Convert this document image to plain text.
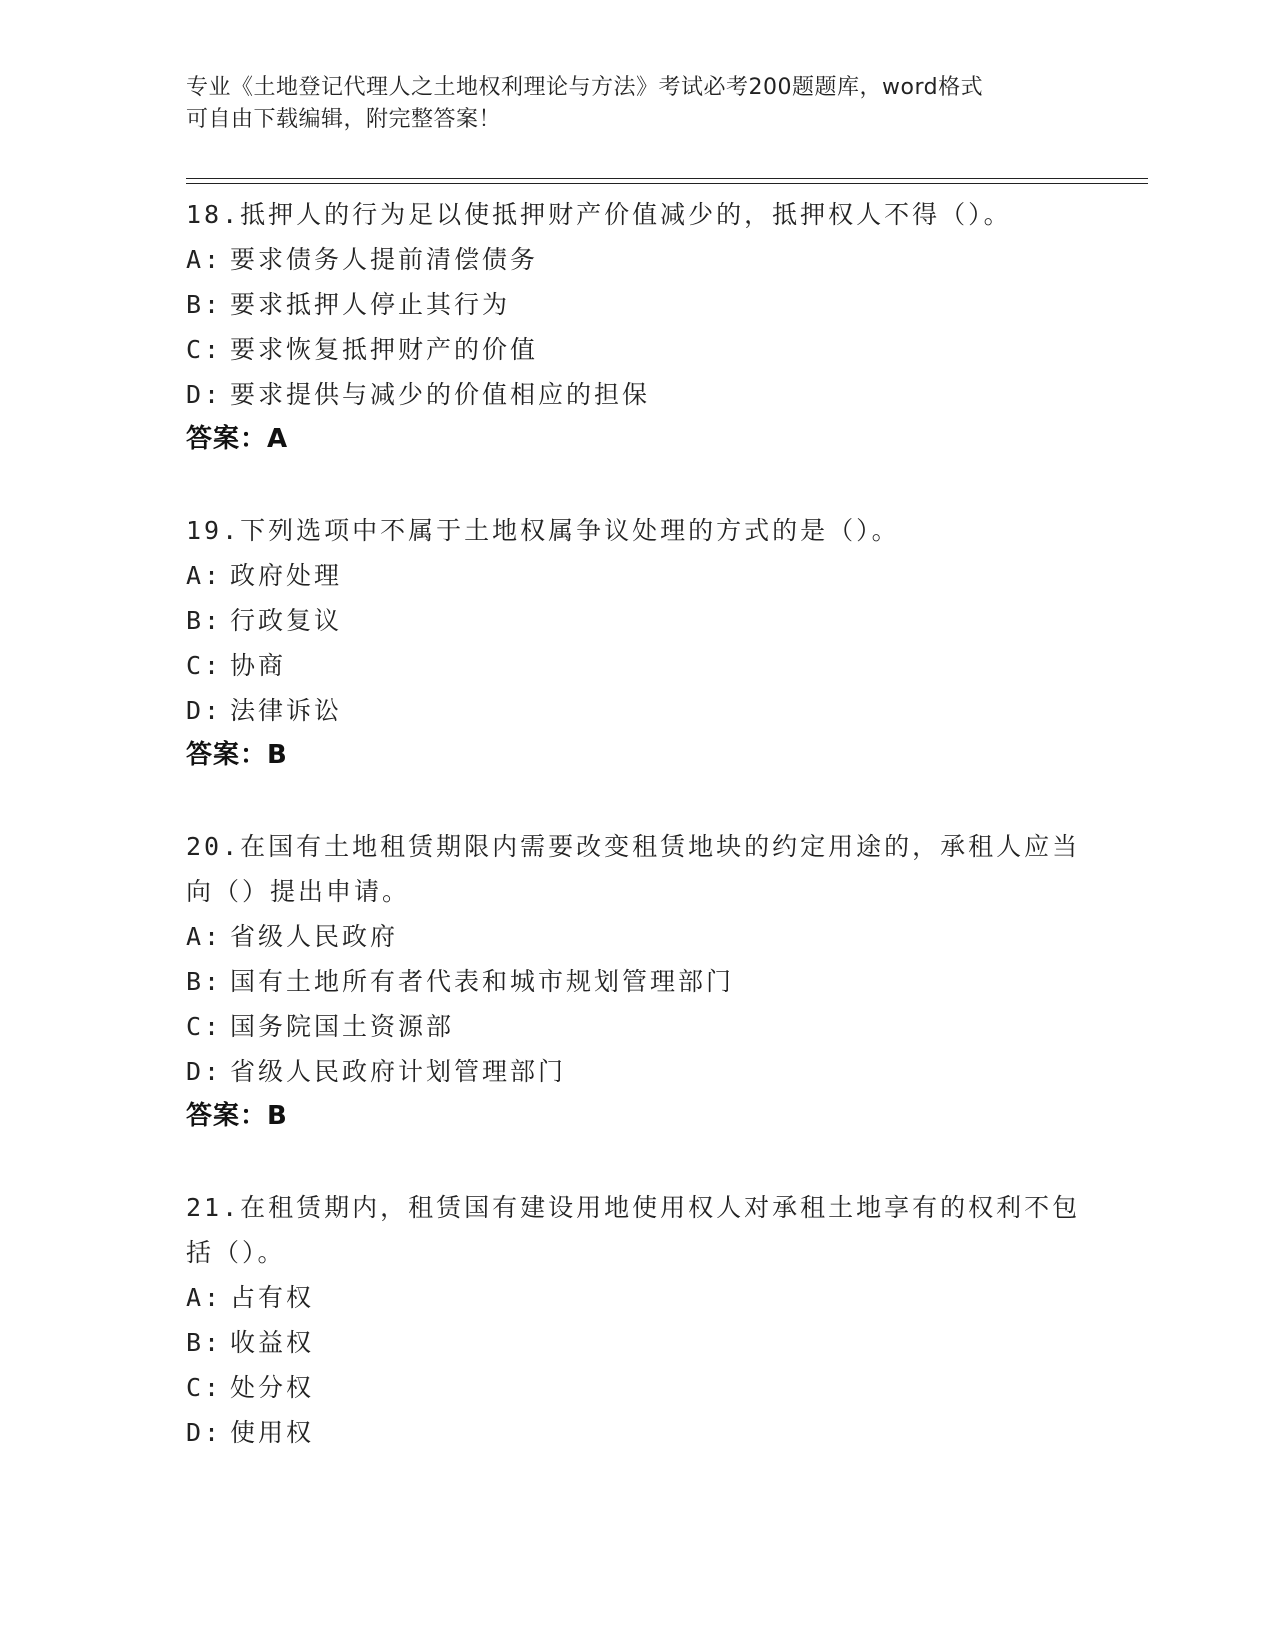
专业《土地登记代理人之土地权利理论与方法》考试必考200题题库，word格式
可自由下载编辑，附完整答案！
18.抵押人的行为足以使抵押财产价值减少的，抵押权人不得（）。
A: 要求债务人提前清偿债务
B: 要求抵押人停止其行为
C: 要求恢复抵押财产的价值
D: 要求提供与减少的价值相应的担保
答案：A
19.下列选项中不属于土地权属争议处理的方式的是（）。
A: 政府处理
B: 行政复议
C: 协商
D: 法律诉讼
答案：B
20.在国有土地租赁期限内需要改变租赁地块的约定用途的，承租人应当向（）提出申请。
A: 省级人民政府
B: 国有土地所有者代表和城市规划管理部门
C: 国务院国土资源部
D: 省级人民政府计划管理部门
答案：B
21.在租赁期内，租赁国有建设用地使用权人对承租土地享有的权利不包括（）。
A: 占有权
B: 收益权
C: 处分权
D: 使用权
